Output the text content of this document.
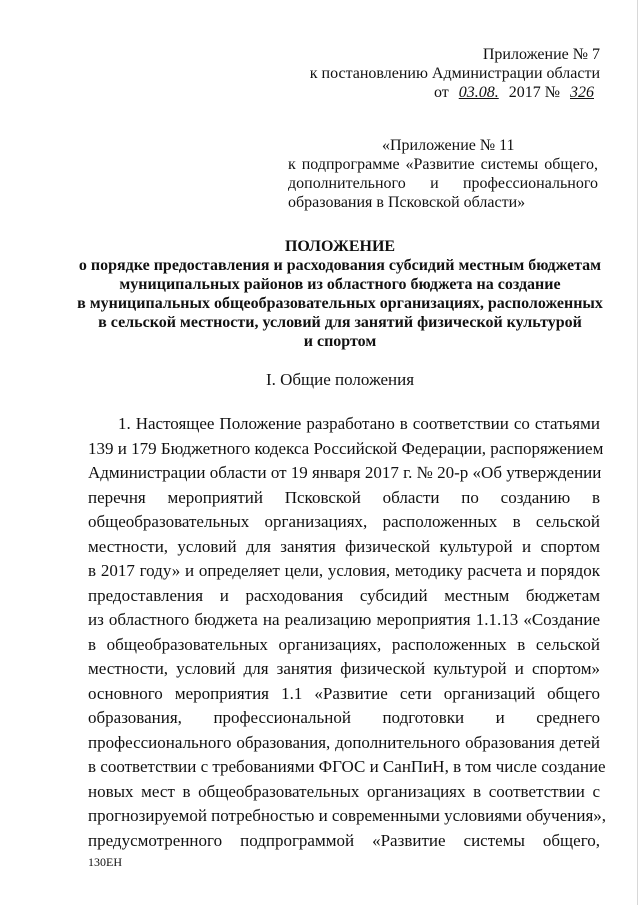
Приложение № 7
к постановлению Администрации области
от 03.08. 2017 № 326
«Приложение № 11
к подпрограмме «Развитие системы общего,
дополнительного и профессионального
образования в Псковской области»
ПОЛОЖЕНИЕ
о порядке предоставления и расходования субсидий местным бюджетам
муниципальных районов из областного бюджета на создание
в муниципальных общеобразовательных организациях, расположенных
в сельской местности, условий для занятий физической культурой
и спортом
I. Общие положения
1. Настоящее Положение разработано в соответствии со статьями
139 и 179 Бюджетного кодекса Российской Федерации, распоряжением
Администрации области от 19 января 2017 г. № 20-р «Об утверждении
перечня мероприятий Псковской области по созданию в
общеобразовательных организациях, расположенных в сельской
местности, условий для занятия физической культурой и спортом
в 2017 году» и определяет цели, условия, методику расчета и порядок
предоставления и расходования субсидий местным бюджетам
из областного бюджета на реализацию мероприятия 1.1.13 «Создание
в общеобразовательных организациях, расположенных в сельской
местности, условий для занятия физической культурой и спортом»
основного мероприятия 1.1 «Развитие сети организаций общего
образования, профессиональной подготовки и среднего
профессионального образования, дополнительного образования детей
в соответствии с требованиями ФГОС и СанПиН, в том числе создание
новых мест в общеобразовательных организациях в соответствии с
прогнозируемой потребностью и современными условиями обучения»,
предусмотренного подпрограммой «Развитие системы общего,
130ЕН
